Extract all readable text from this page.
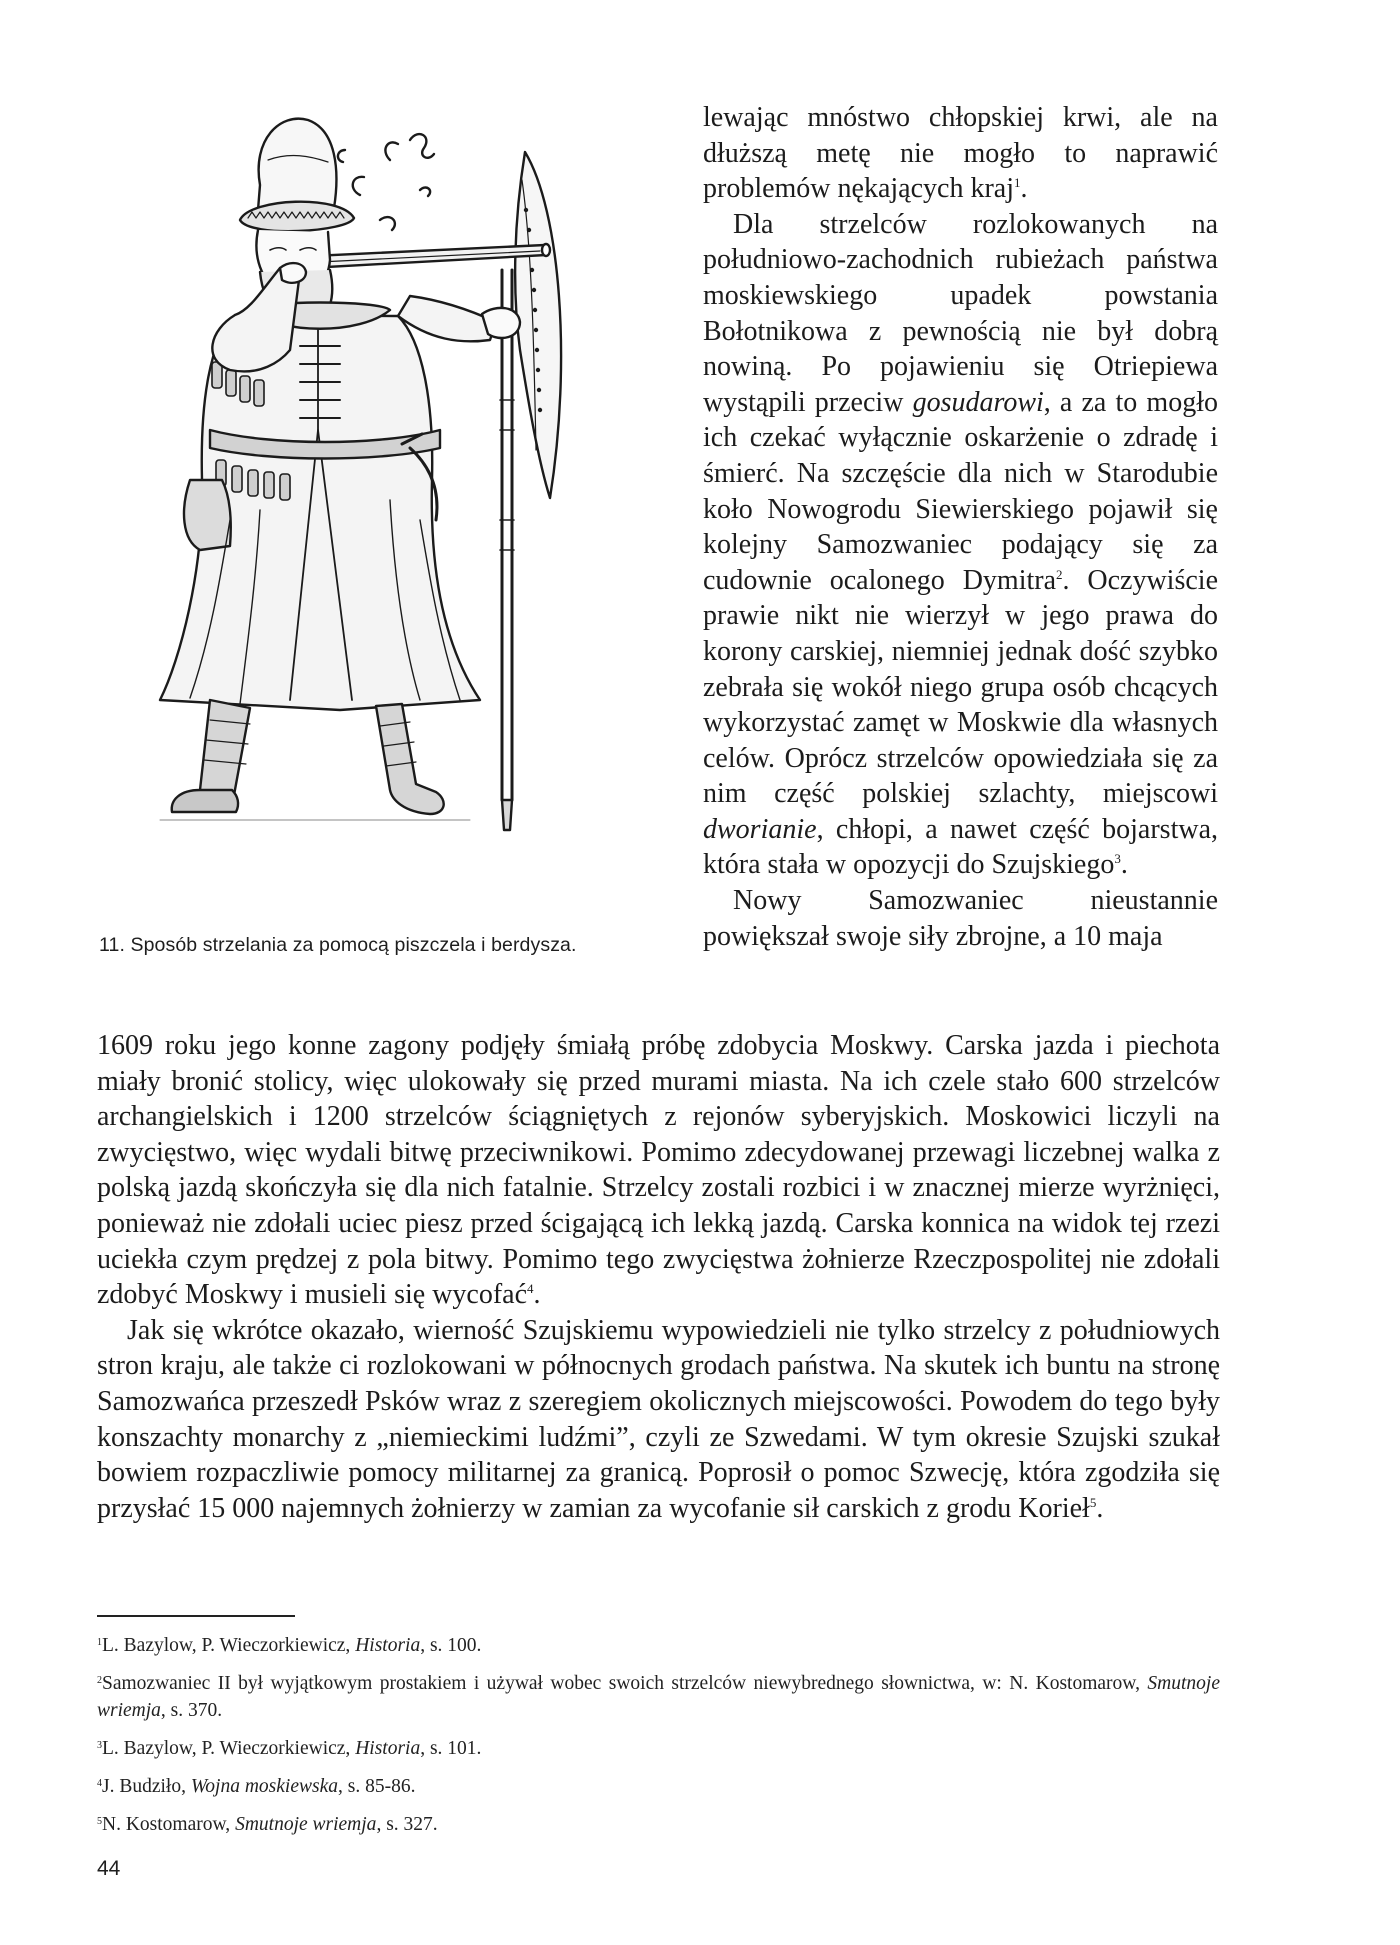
11. Sposób strzelania za pomocą piszczela i berdysza.

lewając mnóstwo chłopskiej krwi, ale na dłuższą metę nie mogło to naprawić problemów nękających kraj$^1$.

Dla strzelców rozlokowanych na południowo-zachodnich rubieżach państwa moskiewskiego upadek powstania Bołotnikowa z pewnością nie był dobrą nowiną. Po pojawieniu się Otriepiewa wystąpili przeciw gosudarowi, a za to mogło ich czekać wyłącznie oskarżenie o zdradę i śmierć. Na szczęście dla nich w Starodubie koło Nowogrodu Siewierskiego pojawił się kolejny Samozwaniec podający się za cudownie ocalonego Dymitra$^2$. Oczywiście prawie nikt nie wierzył w jego prawa do korony carskiej, niemniej jednak dość szybko zebrała się wokół niego grupa osób chcących wykorzystać zamęt w Moskwie dla własnych celów. Oprócz strzelców opowiedziała się za nim część polskiej szlachty, miejscowi dworianie, chłopi, a nawet część bojarstwa, która stała w opozycji do Szujskiego$^3$.

Nowy Samozwaniec nieustannie powiększał swoje siły zbrojne, a 10 maja

1609 roku jego konne zagony podjęły śmiałą próbę zdobycia Moskwy. Carska jazda i piechota miały bronić stolicy, więc ulokowały się przed murami miasta. Na ich czele stało 600 strzelców archangielskich i 1200 strzelców ściągniętych z rejonów syberyjskich. Moskowici liczyli na zwycięstwo, więc wydali bitwę przeciwnikowi. Pomimo zdecydowanej przewagi liczebnej walka z polską jazdą skończyła się dla nich fatalnie. Strzelcy zostali rozbici i w znacznej mierze wyrżnięci, ponieważ nie zdołali uciec piesz przed ścigającą ich lekką jazdą. Carska konnica na widok tej rzezi uciekła czym prędzej z pola bitwy. Pomimo tego zwycięstwa żołnierze Rzeczpospolitej nie zdołali zdobyć Moskwy i musieli się wycofać$^4$.

Jak się wkrótce okazało, wierność Szujskiemu wypowiedzieli nie tylko strzelcy z południowych stron kraju, ale także ci rozlokowani w północnych grodach państwa. Na skutek ich buntu na stronę Samozwańca przeszedł Psków wraz z szeregiem okolicznych miejscowości. Powodem do tego były konszachty monarchy z „niemieckimi ludźmi”, czyli ze Szwedami. W tym okresie Szujski szukał bowiem rozpaczliwie pomocy militarnej za granicą. Poprosił o pomoc Szwecję, która zgodziła się przysłać 15 000 najemnych żołnierzy w zamian za wycofanie sił carskich z grodu Korieł$^5$.

$^1$L. Bazylow, P. Wieczorkiewicz, Historia, s. 100.

$^2$Samozwaniec II był wyjątkowym prostakiem i używał wobec swoich strzelców niewybrednego słownictwa, w: N. Kostomarow, Smutnoje wriemja, s. 370.

$^3$L. Bazylow, P. Wieczorkiewicz, Historia, s. 101.

$^4$J. Budziło, Wojna moskiewska, s. 85-86.

$^5$N. Kostomarow, Smutnoje wriemja, s. 327.

44
